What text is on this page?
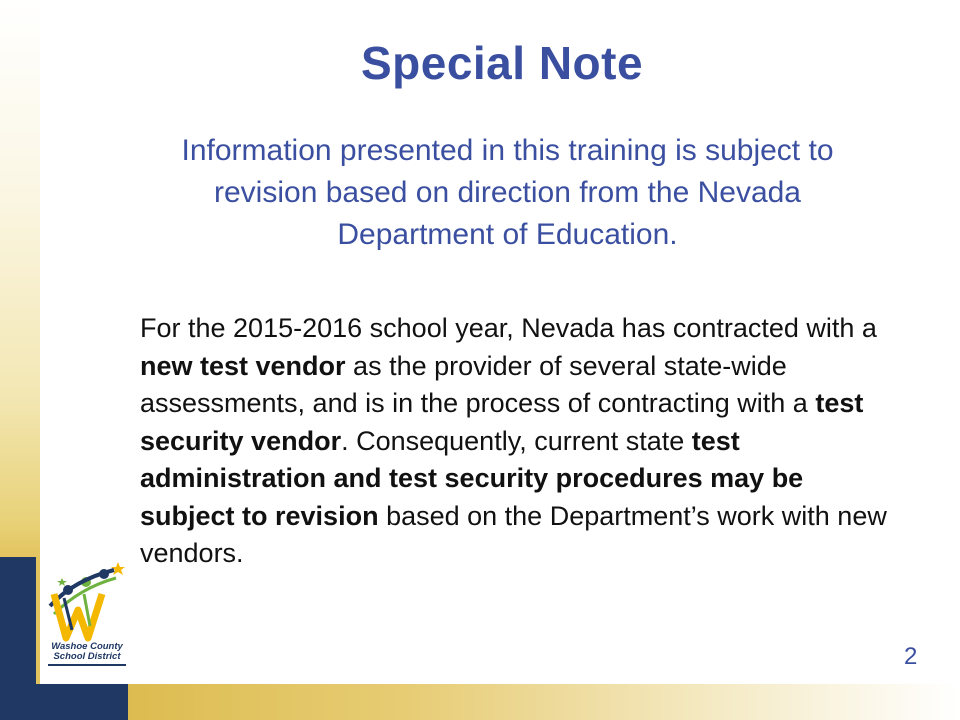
Special Note
Information presented in this training is subject to revision based on direction from the Nevada Department of Education.
For the 2015-2016 school year, Nevada has contracted with a new test vendor as the provider of several state-wide assessments, and is in the process of contracting with a test security vendor. Consequently, current state test administration and test security procedures may be subject to revision based on the Department’s work with new vendors.
Washoe County
School District	2
